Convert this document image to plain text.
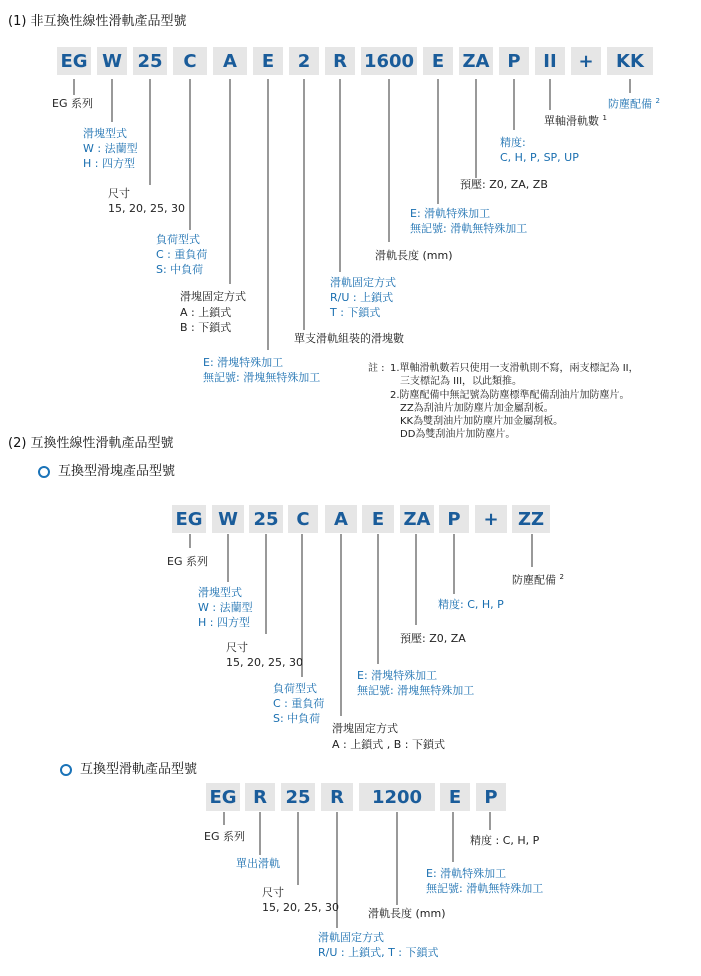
(1) 非互換性線性滑軌產品型號
EG W 25	C	A	E	2	R 1600 E	ZA P	II	+	KK
EG 系列
滑塊型式
W : 法蘭型
H : 四方型
尺寸
15, 20, 25, 30
負荷型式
C : 重負荷
S: 中負荷
滑塊固定方式
A : 上鎖式
B : 下鎖式
單支滑軌組裝的滑塊數
E: 滑塊特殊加工
無記號: 滑塊無特殊加工
滑軌固定方式
R/U : 上鎖式
T : 下鎖式
滑軌長度 (mm)
E: 滑軌特殊加工
無記號: 滑軌無特殊加工
預壓: Z0, ZA, ZB
精度:
C, H, P, SP, UP
單軸滑軌數 $^1$
防塵配備 $^2$
註 : 1.單軸滑軌數若只使用一支滑軌則不寫，兩支標記為 II，
三支標記為 III，以此類推。
2.防塵配備中無記號為防塵標準配備刮油片加防塵片。
ZZ為刮油片加防塵片加金屬刮板。
KK為雙刮油片加防塵片加金屬刮板。
DD為雙刮油片加防塵片。
(2) 互換性線性滑軌產品型號
互換型滑塊產品型號
EG W 25 C	A	E	ZA P	+	ZZ
EG 系列
滑塊型式
W : 法蘭型
H : 四方型
尺寸
15, 20, 25, 30
負荷型式
C : 重負荷
S: 中負荷
滑塊固定方式
A : 上鎖式 , B : 下鎖式
E: 滑塊特殊加工
無記號: 滑塊無特殊加工
預壓: Z0, ZA
精度: C, H, P
防塵配備 $^2$
互換型滑軌產品型號
EG R	25	R	1200	E	P
EG 系列
單出滑軌
尺寸
15, 20, 25, 30
滑軌固定方式
R/U : 上鎖式, T : 下鎖式
滑軌長度 (mm)
E: 滑軌特殊加工
無記號: 滑軌無特殊加工
精度 : C, H, P
